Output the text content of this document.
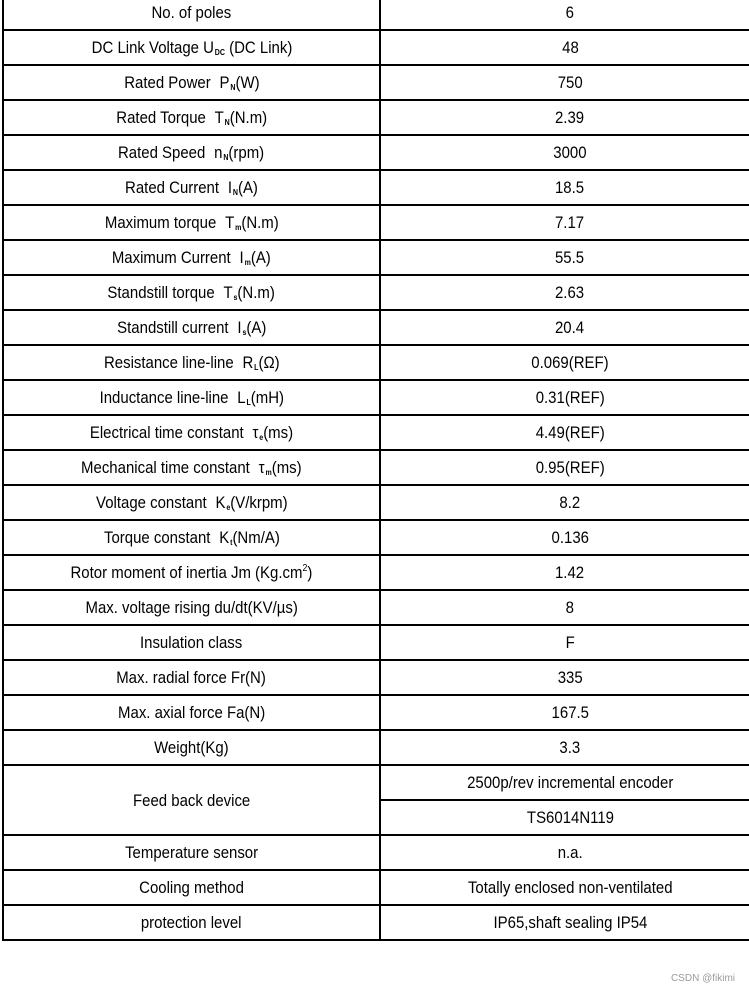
No. of poles	6
DC Link Voltage $U_{DC}$ (DC Link)	48
Rated Power $P_N(W)$	750
Rated Torque $T_N(N.m)$	2.39
Rated Speed $n_N(rpm)$	3000
Rated Current $I_N(A)$	18.5
Maximum torque $T_m(N.m)$	7.17
Maximum Current $I_m(A)$	55.5
Standstill torque $T_s(N.m)$	2.63
Standstill current $I_s(A)$	20.4
Resistance line-line $R_L(\Omega)$	0.069(REF)
Inductance line-line $L_L(mH)$	0.31(REF)
Electrical time constant $\tau_e(ms)$	4.49(REF)
Mechanical time constant $\tau_m(ms)$	0.95(REF)
Voltage constant $K_e(V/krpm)$	8.2
Torque constant $K_t(Nm/A)$	0.136
Rotor moment of inertia Jm $(Kg.cm^2)$	1.42
Max. voltage rising du/dt(KV/µs)	8
Insulation class	F
Max. radial force Fr(N)	335
Max. axial force Fa(N)	167.5
Weight(Kg)	3.3
Feed back device	2500p/rev incremental encoder
	TS6014N119
Temperature sensor	n.a.
Cooling method	Totally enclosed non-ventilated
protection level	IP65,shaft sealing IP54
CSDN @fikimi
